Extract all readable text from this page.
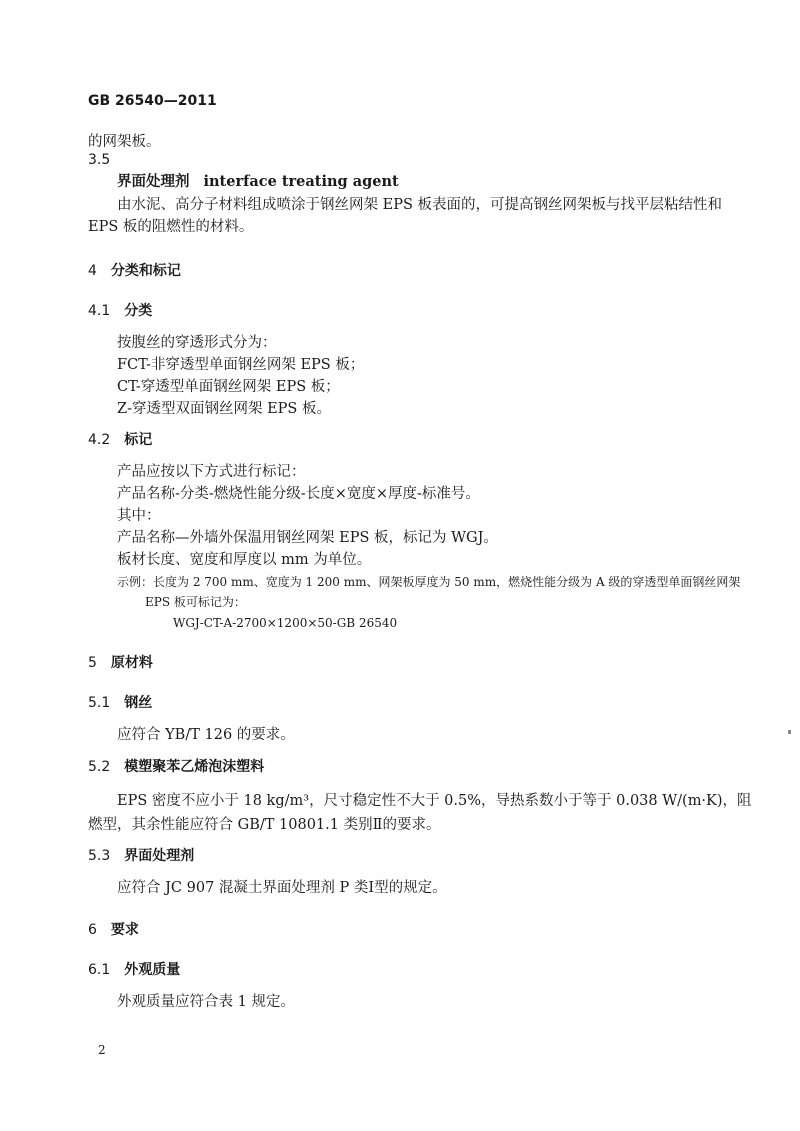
GB 26540—2011
的网架板。
3.5
界面处理剂 interface treating agent
由水泥、高分子材料组成喷涂于钢丝网架 EPS 板表面的，可提高钢丝网架板与找平层粘结性和
EPS 板的阻燃性的材料。
4 分类和标记
4.1 分类
按腹丝的穿透形式分为：
FCT-非穿透型单面钢丝网架 EPS 板；
CT-穿透型单面钢丝网架 EPS 板；
Z-穿透型双面钢丝网架 EPS 板。
4.2 标记
产品应按以下方式进行标记：
产品名称-分类-燃烧性能分级-长度×宽度×厚度-标准号。
其中：
产品名称—外墙外保温用钢丝网架 EPS 板，标记为 WGJ。
板材长度、宽度和厚度以 mm 为单位。
示例：长度为 2 700 mm、宽度为 1 200 mm、网架板厚度为 50 mm，燃烧性能分级为 A 级的穿透型单面钢丝网架
EPS 板可标记为：
WGJ-CT-A-2700×1200×50-GB 26540
5 原材料
5.1 钢丝
应符合 YB/T 126 的要求。
5.2 模塑聚苯乙烯泡沫塑料
EPS 密度不应小于 18 kg/m³，尺寸稳定性不大于 0.5%，导热系数小于等于 0.038 W/(m·K)，阻
燃型，其余性能应符合 GB/T 10801.1 类别Ⅱ的要求。
5.3 界面处理剂
应符合 JC 907 混凝土界面处理剂 P 类Ⅰ型的规定。
6 要求
6.1 外观质量
外观质量应符合表 1 规定。
2
